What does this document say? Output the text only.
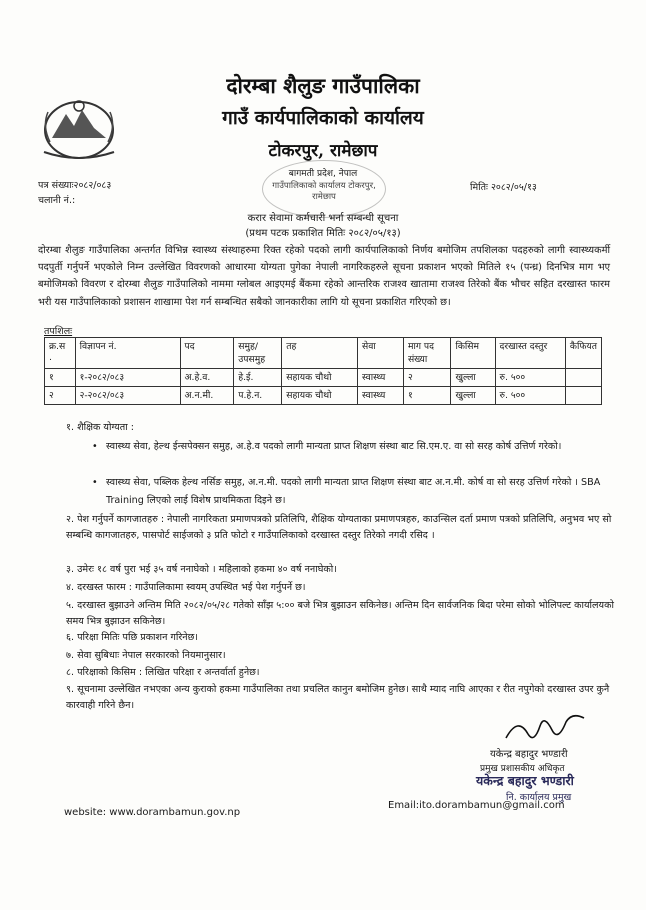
दोरम्बा शैलुङ गाउँपालिका
गाउँ कार्यपालिकाको कार्यालय
टोकरपुर, रामेछाप
बागमती प्रदेश, नेपाल
गाउँपालिकाको कार्यालय टोकरपुर, रामेछाप
पत्र संख्याः२०८२/०८३
चलानी नं.:
मितिः २०८२/०५/१३
करार सेवामा कर्मचारी भर्ना सम्बन्धी सूचना
(प्रथम पटक प्रकाशित मितिः २०८२/०५/१३)
दोरम्बा शैलुङ गाउँपालिका अन्तर्गत विभिन्न स्वास्थ्य संस्थाहरुमा रिक्त रहेको पदको लागी कार्यपालिकाको निर्णय बमोजिम तपशिलका पदहरुको लागी स्वास्थ्यकर्मी पदपुर्ती गर्नुपर्ने भएकोले निम्न उल्लेखित विवरणको आधारमा योग्यता पुगेका नेपाली नागरिकहरुले सूचना प्रकाशन भएको मितिले १५ (पन्ध्र) दिनभित्र माग भए बमोजिमको विवरण र दोरम्बा शैलुङ गाउँपालिको नाममा ग्लोबल आइएमई बैंकमा रहेको आन्तरिक राजश्व खातामा राजश्व तिरेको बैंक भौचर सहित दरखास्त फारम भरी यस गाउँपालिकाको प्रशासन शाखामा पेश गर्न सम्बन्धित सबैको जानकारीका लागि यो सूचना प्रकाशित गरिएको छ।
तपशिलः
क्र.स .	विज्ञापन नं.	पद	समुह/ उपसमुह	तह	सेवा	माग पद संख्या	किसिम	दरखास्त दस्तुर	कैफियत
१	१-२०८२/०८३	अ.हे.व.	हे.ई.	सहायक चौथो	स्वास्थ्य	२	खुल्ला	रु. ५००	
२	२-२०८२/०८३	अ.न.मी.	प.हे.न.	सहायक चौथो	स्वास्थ्य	१	खुल्ला	रु. ५००	
१. शैक्षिक योग्यता :
• स्वास्थ्य सेवा, हेल्थ ईन्सपेक्सन समुह, अ.हे.व पदको लागी मान्यता प्राप्त शिक्षण संस्था बाट सि.एम.ए. वा सो सरह कोर्ष उत्तिर्ण गरेको।
• स्वास्थ्य सेवा, पब्लिक हेल्थ नर्सिङ समुह, अ.न.मी. पदको लागी मान्यता प्राप्त शिक्षण संस्था बाट अ.न.मी. कोर्ष वा सो सरह उत्तिर्ण गरेको । SBA Training लिएको लाई विशेष प्राथमिकता दिइने छ।
२. पेश गर्नुपर्ने कागजातहरु : नेपाली नागरिकता प्रमाणपत्रको प्रतिलिपि, शैक्षिक योग्यताका प्रमाणपत्रहरु, काउन्सिल दर्ता प्रमाण पत्रको प्रतिलिपि, अनुभव भए सो सम्बन्धि कागजातहरु, पासपोर्ट साईजको ३ प्रति फोटो र गाउँपालिकाको दरखास्त दस्तुर तिरेको नगदी रसिद ।
३. उमेरः १८ वर्ष पुरा भई ३५ वर्ष ननाघेको । महिलाको हकमा ४० वर्ष ननाघेको।
४. दरखस्त फारम : गाउँपालिकामा स्वयम् उपस्थित भई पेश गर्नुपर्ने छ।
५. दरखास्त बुझाउने अन्तिम मिति २०८२/०५/२८ गतेको साँझ ५:०० बजे भित्र बुझाउन सकिनेछ। अन्तिम दिन सार्वजनिक बिदा परेमा सोको भोलिपल्ट कार्यालयको समय भित्र बुझाउन सकिनेछ।
६. परिक्षा मितिः पछि प्रकाशन गरिनेछ।
७. सेवा सुबिधाः नेपाल सरकारको नियमानुसार।
८. परिक्षाको किसिम : लिखित परिक्षा र अन्तर्वार्ता हुनेछ।
९. सूचनामा उल्लेखित नभएका अन्य कुराको हकमा गाउँपालिका तथा प्रचलित कानुन बमोजिम हुनेछ। साथै म्याद नाघि आएका र रीत नपुगेको दरखास्त उपर कुनै कारवाही गरिने छैन।
यकेन्द्र बहादुर भण्डारी
प्रमुख प्रशासकीय अधिकृत
यकेन्द्र बहादुर भण्डारी
नि. कार्यालय प्रमुख
website: www.dorambamun.gov.np
Email:ito.dorambamun@gmail.com
